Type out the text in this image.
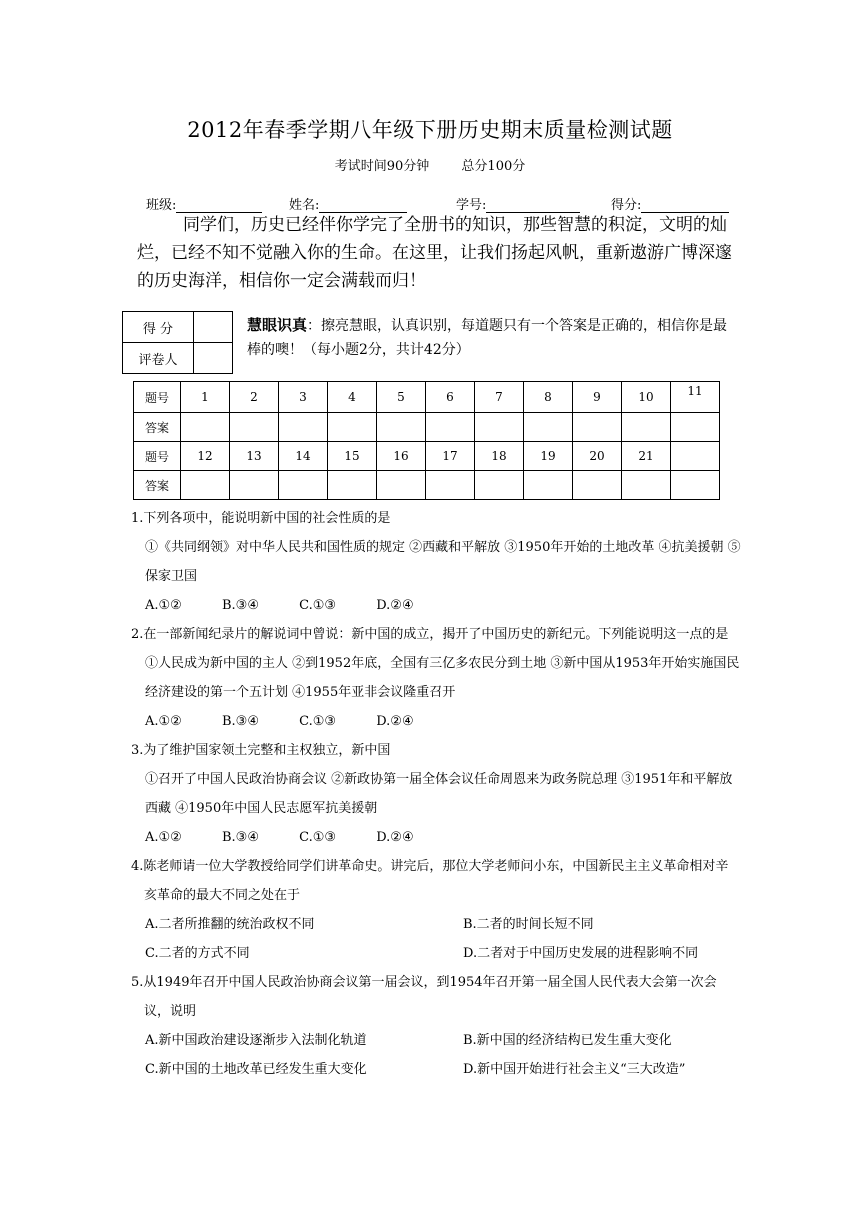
2012年春季学期八年级下册历史期末质量检测试题
考试时间90分钟 总分100分
班级:	姓名:	学号:	得分:
同学们，历史已经伴你学完了全册书的知识，那些智慧的积淀，文明的灿烂，已经不知不觉融入你的生命。在这里，让我们扬起风帆，重新遨游广博深邃的历史海洋，相信你一定会满载而归！
得 分	
评卷人	
慧眼识真：擦亮慧眼，认真识别，每道题只有一个答案是正确的，相信你是最棒的噢！（每小题2分，共计42分）
题号	1	2	3	4	5	6	7	8	9	10	11
答案											
题号	12	13	14	15	16	17	18	19	20	21	
答案											
1.下列各项中，能说明新中国的社会性质的是
①《共同纲领》对中华人民共和国性质的规定 ②西藏和平解放 ③1950年开始的土地改革 ④抗美援朝 ⑤保家卫国
A.①②	B.③④	C.①③	D.②④
2.在一部新闻纪录片的解说词中曾说：新中国的成立，揭开了中国历史的新纪元。下列能说明这一点的是
①人民成为新中国的主人 ②到1952年底，全国有三亿多农民分到土地 ③新中国从1953年开始实施国民经济建设的第一个五计划 ④1955年亚非会议隆重召开
A.①②	B.③④	C.①③	D.②④
3.为了维护国家领土完整和主权独立，新中国
①召开了中国人民政治协商会议 ②新政协第一届全体会议任命周恩来为政务院总理 ③1951年和平解放西藏 ④1950年中国人民志愿军抗美援朝
A.①②	B.③④	C.①③	D.②④
4.陈老师请一位大学教授给同学们讲革命史。讲完后，那位大学老师问小东，中国新民主主义革命相对辛亥革命的最大不同之处在于
A.二者所推翻的统治政权不同	B.二者的时间长短不同
C.二者的方式不同	D.二者对于中国历史发展的进程影响不同
5.从1949年召开中国人民政治协商会议第一届会议，到1954年召开第一届全国人民代表大会第一次会议，说明
A.新中国政治建设逐渐步入法制化轨道	B.新中国的经济结构已发生重大变化
C.新中国的土地改革已经发生重大变化	D.新中国开始进行社会主义“三大改造”
